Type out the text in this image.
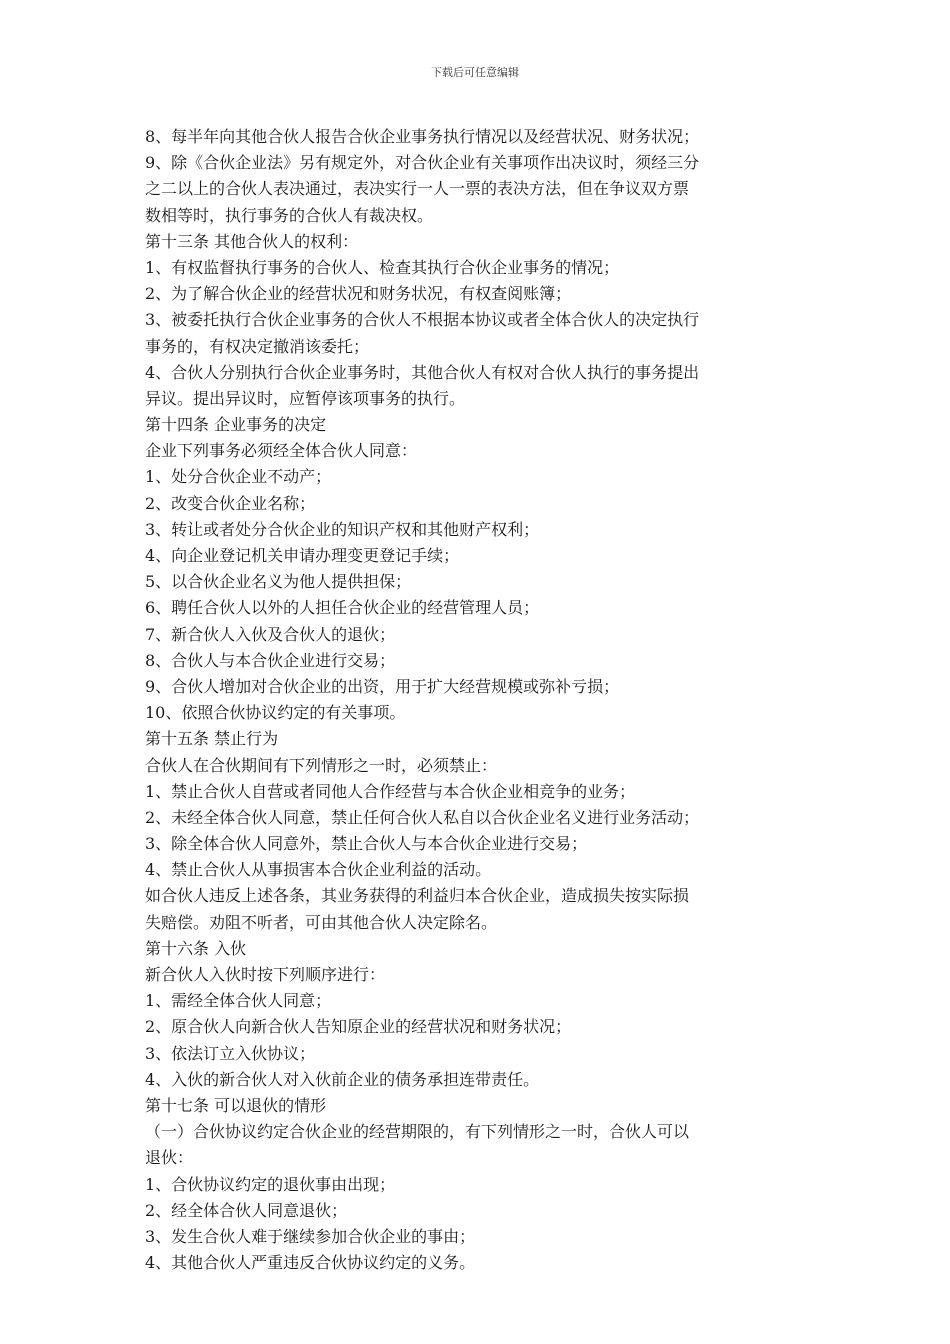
下载后可任意编辑
8、每半年向其他合伙人报告合伙企业事务执行情况以及经营状况、财务状况；
9、除《合伙企业法》另有规定外，对合伙企业有关事项作出决议时，须经三分
之二以上的合伙人表决通过，表决实行一人一票的表决方法，但在争议双方票
数相等时，执行事务的合伙人有裁决权。
第十三条 其他合伙人的权利：
1、有权监督执行事务的合伙人、检查其执行合伙企业事务的情况；
2、为了解合伙企业的经营状况和财务状况，有权查阅账簿；
3、被委托执行合伙企业事务的合伙人不根据本协议或者全体合伙人的决定执行
事务的，有权决定撤消该委托；
4、合伙人分别执行合伙企业事务时，其他合伙人有权对合伙人执行的事务提出
异议。提出异议时，应暂停该项事务的执行。
第十四条 企业事务的决定
企业下列事务必须经全体合伙人同意：
1、处分合伙企业不动产；
2、改变合伙企业名称；
3、转让或者处分合伙企业的知识产权和其他财产权利；
4、向企业登记机关申请办理变更登记手续；
5、以合伙企业名义为他人提供担保；
6、聘任合伙人以外的人担任合伙企业的经营管理人员；
7、新合伙人入伙及合伙人的退伙；
8、合伙人与本合伙企业进行交易；
9、合伙人增加对合伙企业的出资，用于扩大经营规模或弥补亏损；
10、依照合伙协议约定的有关事项。
第十五条 禁止行为
合伙人在合伙期间有下列情形之一时，必须禁止：
1、禁止合伙人自营或者同他人合作经营与本合伙企业相竞争的业务；
2、未经全体合伙人同意，禁止任何合伙人私自以合伙企业名义进行业务活动；
3、除全体合伙人同意外，禁止合伙人与本合伙企业进行交易；
4、禁止合伙人从事损害本合伙企业利益的活动。
如合伙人违反上述各条，其业务获得的利益归本合伙企业，造成损失按实际损
失赔偿。劝阻不听者，可由其他合伙人决定除名。
第十六条 入伙
新合伙人入伙时按下列顺序进行：
1、需经全体合伙人同意；
2、原合伙人向新合伙人告知原企业的经营状况和财务状况；
3、依法订立入伙协议；
4、入伙的新合伙人对入伙前企业的债务承担连带责任。
第十七条 可以退伙的情形
（一）合伙协议约定合伙企业的经营期限的，有下列情形之一时，合伙人可以
退伙：
1、合伙协议约定的退伙事由出现；
2、经全体合伙人同意退伙；
3、发生合伙人难于继续参加合伙企业的事由；
4、其他合伙人严重违反合伙协议约定的义务。
